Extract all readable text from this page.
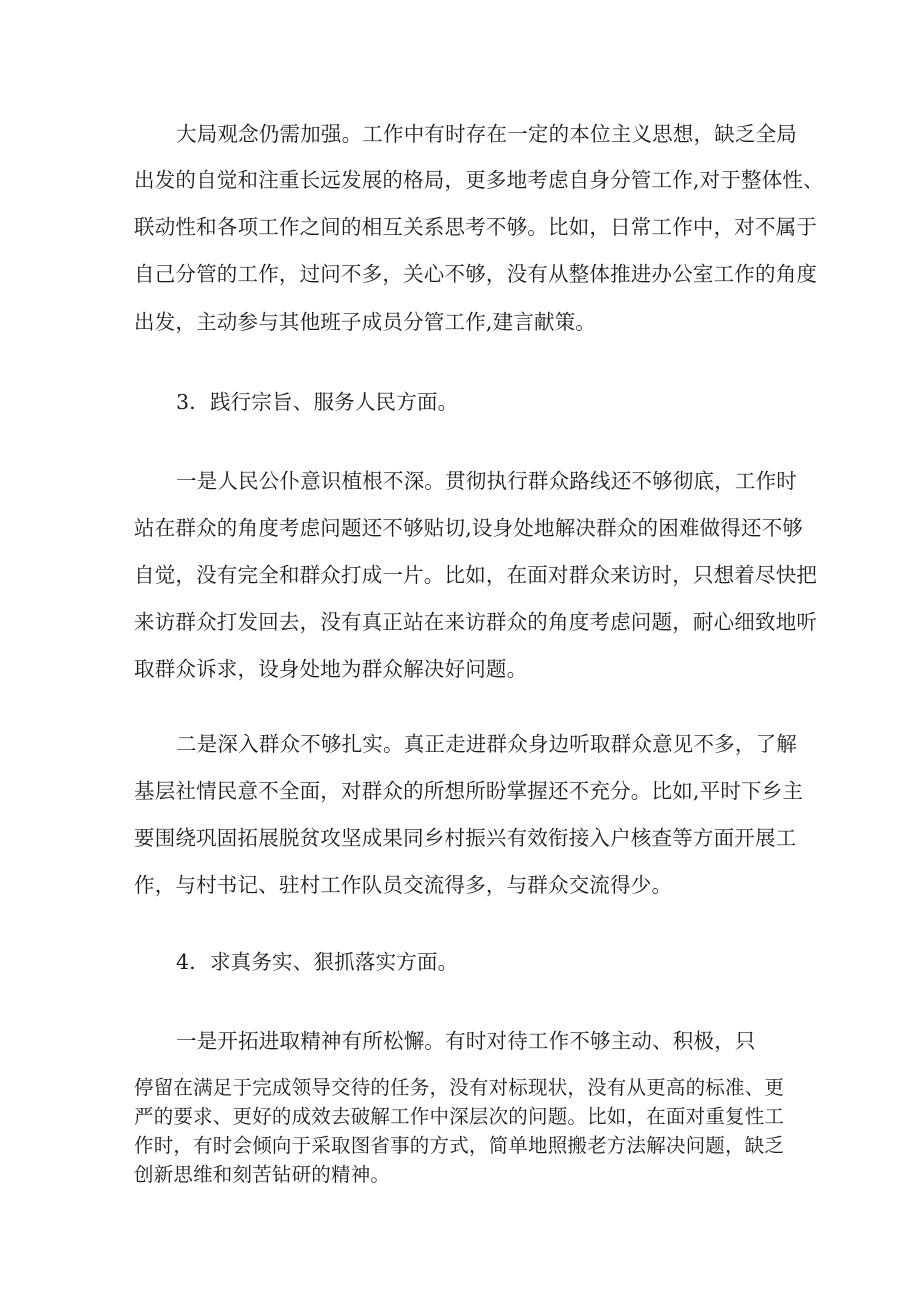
大局观念仍需加强。工作中有时存在一定的本位主义思想，缺乏全局
出发的自觉和注重长远发展的格局，更多地考虑自身分管工作,对于整体性、
联动性和各项工作之间的相互关系思考不够。比如，日常工作中，对不属于
自己分管的工作，过问不多，关心不够，没有从整体推进办公室工作的角度
出发，主动参与其他班子成员分管工作,建言献策。
3．践行宗旨、服务人民方面。
一是人民公仆意识植根不深。贯彻执行群众路线还不够彻底，工作时
站在群众的角度考虑问题还不够贴切,设身处地解决群众的困难做得还不够
自觉，没有完全和群众打成一片。比如，在面对群众来访时，只想着尽快把
来访群众打发回去，没有真正站在来访群众的角度考虑问题，耐心细致地听
取群众诉求，设身处地为群众解决好问题。
二是深入群众不够扎实。真正走进群众身边听取群众意见不多，了解
基层社情民意不全面，对群众的所想所盼掌握还不充分。比如,平时下乡主
要围绕巩固拓展脱贫攻坚成果同乡村振兴有效衔接入户核查等方面开展工
作，与村书记、驻村工作队员交流得多，与群众交流得少。
4．求真务实、狠抓落实方面。
一是开拓进取精神有所松懈。有时对待工作不够主动、积极，只
停留在满足于完成领导交待的任务，没有对标现状，没有从更高的标准、更
严的要求、更好的成效去破解工作中深层次的问题。比如，在面对重复性工
作时，有时会倾向于采取图省事的方式，简单地照搬老方法解决问题，缺乏
创新思维和刻苦钻研的精神。
